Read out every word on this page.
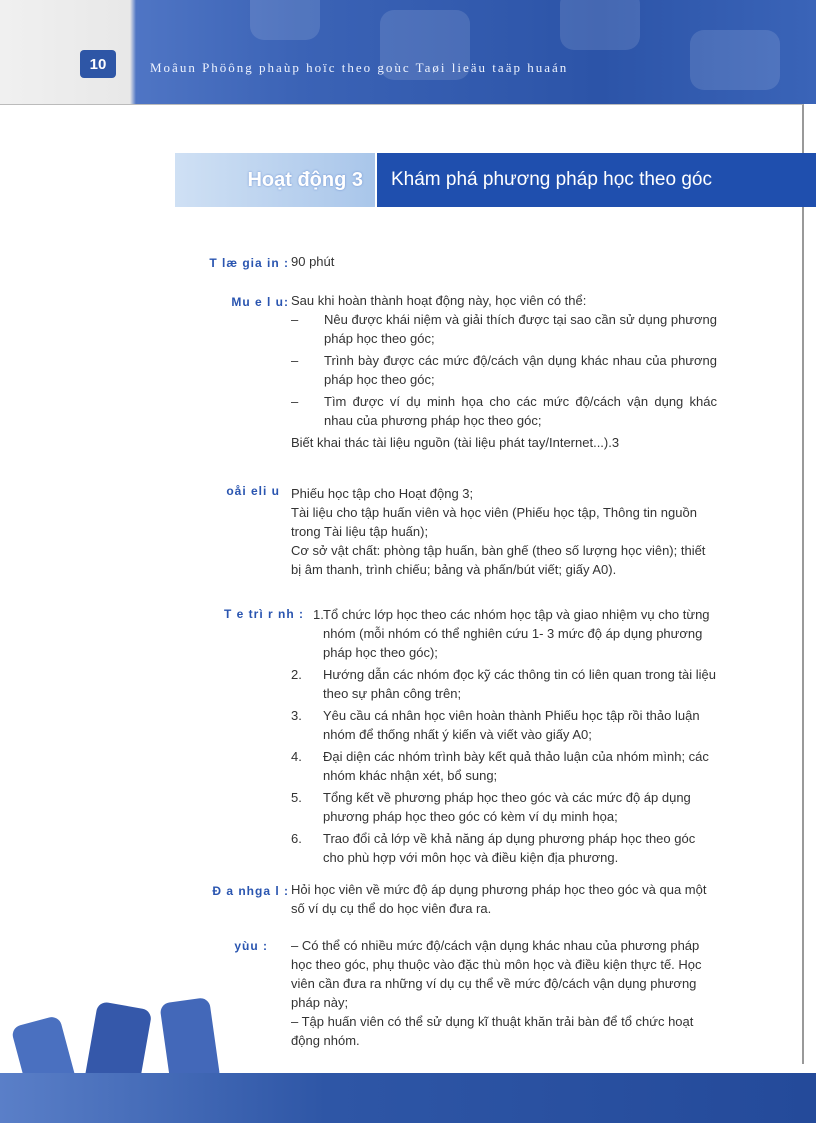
10	Moâun Phöông phaùp hoïc theo goùc Taøi lieäu taäp huaán
Hoạt động 3 Khám phá phương pháp học theo góc
T læ gia in : 90 phút

Mu e l u: Sau khi hoàn thành hoạt động này, học viên có thể:

–	Nêu được khái niệm và giải thích được tại sao cần sử dụng phương pháp học theo góc;
–	Trình bày được các mức độ/cách vận dụng khác nhau của phương pháp học theo góc;
–	Tìm được ví dụ minh họa cho các mức độ/cách vận dụng khác nhau của phương pháp học theo góc;

Biết khai thác tài liệu nguồn (tài liệu phát tay/Internet...).3

oåi eli u Phiếu học tập cho Hoạt động 3;

Tài liệu cho tập huấn viên và học viên (Phiếu học tập, Thông tin nguồn trong Tài liệu tập huấn);

Cơ sở vật chất: phòng tập huấn, bàn ghế (theo số lượng học viên); thiết bị âm thanh, trình chiếu; bảng và phấn/bút viết; giấy A0).

T e trì r nh : 1. Tổ chức lớp học theo các nhóm học tập và giao nhiệm vụ cho từng nhóm (mỗi nhóm có thể nghiên cứu 1- 3 mức độ áp dụng phương pháp học theo góc);
2.	Hướng dẫn các nhóm đọc kỹ các thông tin có liên quan trong tài liệu theo sự phân công trên;
3.	Yêu cầu cá nhân học viên hoàn thành Phiếu học tập rồi thảo luận nhóm để thống nhất ý kiến và viết vào giấy A0;
4.	Đại diện các nhóm trình bày kết quả thảo luận của nhóm mình; các nhóm khác nhận xét, bổ sung;
5.	Tổng kết về phương pháp học theo góc và các mức độ áp dụng phương pháp học theo góc có kèm ví dụ minh họa;
6.	Trao đổi cả lớp về khả năng áp dụng phương pháp học theo góc cho phù hợp với môn học và điều kiện địa phương.
Ð a nhga l : Hỏi học viên về mức độ áp dụng phương pháp học theo góc và qua một số ví dụ cụ thể do học viên đưa ra.

yùu : – Có thể có nhiều mức độ/cách vận dụng khác nhau của phương pháp học theo góc, phụ thuộc vào đặc thù môn học và điều kiện thực tế. Học viên cần đưa ra những ví dụ cụ thể về mức độ/cách vận dụng phương pháp này;

– Tập huấn viên có thể sử dụng kĩ thuật khăn trải bàn để tổ chức hoạt động nhóm.
